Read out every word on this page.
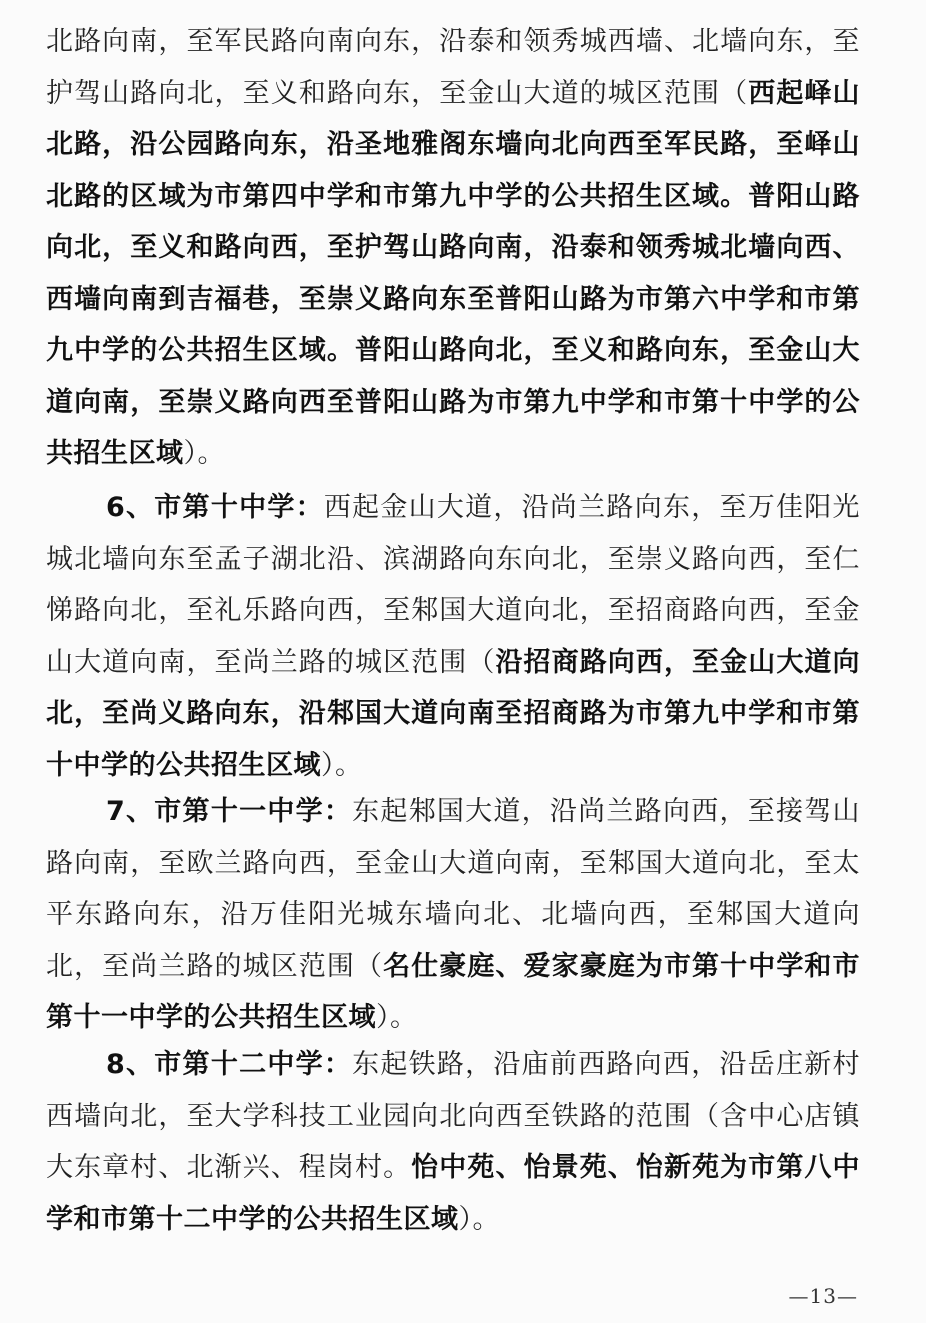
北路向南，至军民路向南向东，沿泰和领秀城西墙、北墙向东，至护驾山路向北，至义和路向东，至金山大道的城区范围（西起峄山北路，沿公园路向东，沿圣地雅阁东墙向北向西至军民路，至峄山北路的区域为市第四中学和市第九中学的公共招生区域。普阳山路向北，至义和路向西，至护驾山路向南，沿泰和领秀城北墙向西、西墙向南到吉福巷，至崇义路向东至普阳山路为市第六中学和市第九中学的公共招生区域。普阳山路向北，至义和路向东，至金山大道向南，至崇义路向西至普阳山路为市第九中学和市第十中学的公共招生区域）。

6、市第十中学：西起金山大道，沿尚兰路向东，至万佳阳光城北墙向东至孟子湖北沿、滨湖路向东向北，至崇义路向西，至仁悌路向北，至礼乐路向西，至邾国大道向北，至招商路向西，至金山大道向南，至尚兰路的城区范围（沿招商路向西，至金山大道向北，至尚义路向东，沿邾国大道向南至招商路为市第九中学和市第十中学的公共招生区域）。

7、市第十一中学：东起邾国大道，沿尚兰路向西，至接驾山路向南，至欧兰路向西，至金山大道向南，至邾国大道向北，至太平东路向东，沿万佳阳光城东墙向北、北墙向西，至邾国大道向北，至尚兰路的城区范围（名仕豪庭、爱家豪庭为市第十中学和市第十一中学的公共招生区域）。

8、市第十二中学：东起铁路，沿庙前西路向西，沿岳庄新村西墙向北，至大学科技工业园向北向西至铁路的范围（含中心店镇大东章村、北渐兴、程岗村。怡中苑、怡景苑、怡新苑为市第八中学和市第十二中学的公共招生区域）。

—13—
